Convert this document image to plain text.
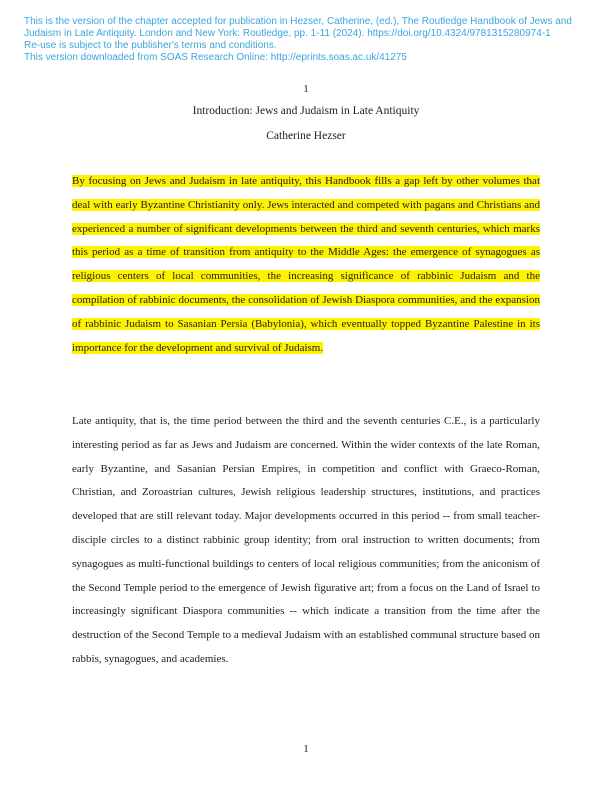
This is the version of the chapter accepted for publication in Hezser, Catherine, (ed.), The Routledge Handbook of Jews and
Judaism in Late Antiquity. London and New York: Routledge, pp. 1-11 (2024). https://doi.org/10.4324/9781315280974-1
Re-use is subject to the publisher's terms and conditions.
This version downloaded from SOAS Research Online: http://eprints.soas.ac.uk/41275
1
Introduction: Jews and Judaism in Late Antiquity
Catherine Hezser
By focusing on Jews and Judaism in late antiquity, this Handbook fills a gap left by other volumes that deal with early Byzantine Christianity only. Jews interacted and competed with pagans and Christians and experienced a number of significant developments between the third and seventh centuries, which marks this period as a time of transition from antiquity to the Middle Ages: the emergence of synagogues as religious centers of local communities, the increasing significance of rabbinic Judaism and the compilation of rabbinic documents, the consolidation of Jewish Diaspora communities, and the expansion of rabbinic Judaism to Sasanian Persia (Babylonia), which eventually topped Byzantine Palestine in its importance for the development and survival of Judaism.
Late antiquity, that is, the time period between the third and the seventh centuries C.E., is a particularly interesting period as far as Jews and Judaism are concerned. Within the wider contexts of the late Roman, early Byzantine, and Sasanian Persian Empires, in competition and conflict with Graeco-Roman, Christian, and Zoroastrian cultures, Jewish religious leadership structures, institutions, and practices developed that are still relevant today. Major developments occurred in this period -- from small teacher-disciple circles to a distinct rabbinic group identity; from oral instruction to written documents; from synagogues as multi-functional buildings to centers of local religious communities; from the aniconism of the Second Temple period to the emergence of Jewish figurative art; from a focus on the Land of Israel to increasingly significant Diaspora communities -- which indicate a transition from the time after the destruction of the Second Temple to a medieval Judaism with an established communal structure based on rabbis, synagogues, and academies.
1
